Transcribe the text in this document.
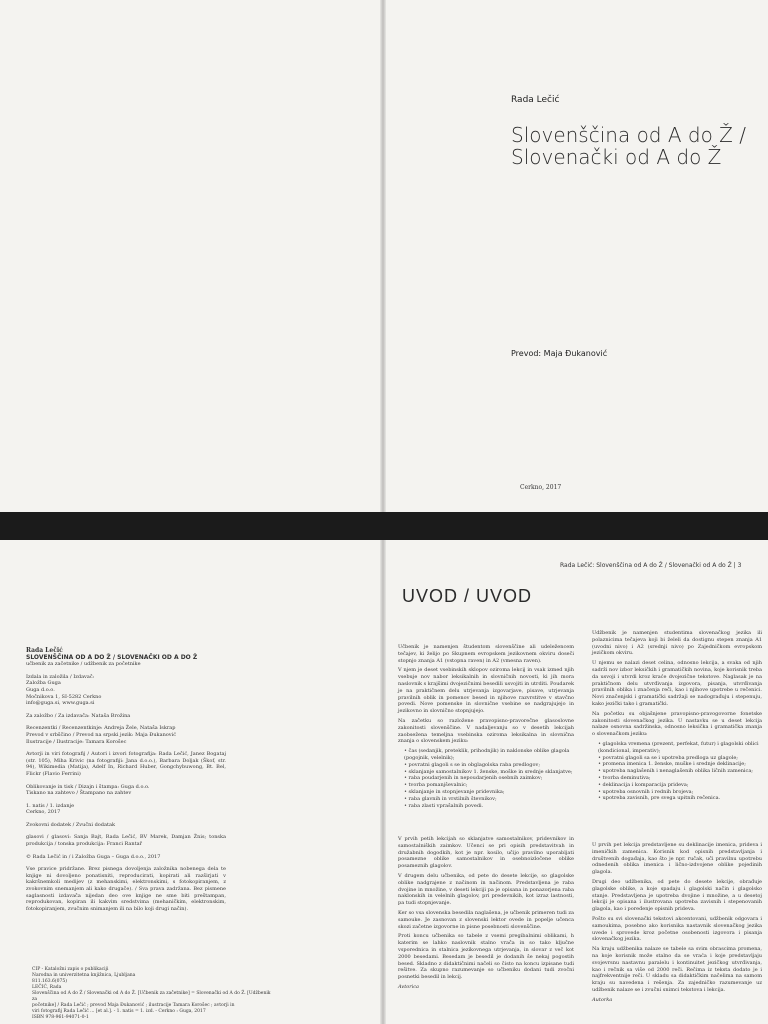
Rada Lečić
Slovenščina od A do Ž /
Slovenački od A do Ž
Prevod: Maja Đukanović
Cerkno, 2017
Rada Lečić
SLOVENŠČINA OD A DO Ž / SLOVENAČKI OD A DO Ž
učbenik za začetnike / udžbenik za početnike
Izdala in založila / Izdavač:
Založba Guga
Guga d.o.o.
Močnikova 1, SI-5282 Cerkno
info@guga.si, www.guga.si
Za založbo / Za izdavača: Nataša Brožina
Recenzentki / Recenzentkinje: Andreja Žele, Nataša Iskrap
Prevod v srbščino / Prevod na srpski jezik: Maja Đukanović
Ilustracije / Ilustracije: Tamara Korošec
Avtorji in viri fotografij / Autori i izvori fotografija: Rada Lečić, Janez Bogataj (str. 105), Miha Krivic (na fotografiji: Jana d.o.o.), Barbara Doljak (Škof, str. 94), Wikimedia (Matija), Adelf In, Richard Huber, Gongchybuwong, Bt. Bel, Flickr (Flavio Ferrini)
Oblikovanje in tisk / Dizajn i štampa: Guga d.o.o.
Tiskano na zahtevo / Štampano na zahtev
1. natis / 1. izdanje
Cerkno, 2017
Zvokovni dodatek / Zvučni dodatak
glasovi / glasovi: Sanja Bajt, Rada Lečić, BV Marek, Damjan Žnis; tonska produkcija / tonska produkcija: Franci Rantař
© Rada Lečić in / i Založba Guga – Guga d.o.o., 2017
Vse pravice pridržane. Brez pisnega dovoljenja založnika nobenega dela te knjige ni dovoljeno ponatisniti, reproducirati, kopirati ali razširjati v kakršnemkoli medijev (z mehanskimi, elektronskimi, s fotokopiranjem, z zvokovnim snemanjem ali kako drugače). / Sva prava zadržana. Bez pismene saglasnosti izdavača nijedan deo ove knjige ne sme biti preštampan, reprodukovan, kopiran ili kakvim sredstvima (mehaničkim, elektronskim, fotokopiranjem, zvučnim snimanjem ili na bilo koji drugi način).
CIP - Kataložni zapis o publikaciji
Narodna in univerzitetna knjižnica, Ljubljana
811.163.6(075)
LEČIĆ, Rada
Slovenščina od A do Ž / Slovenački od A do Ž. [Učbenik za začetnike] = Slovenački od A do Ž. [Udžbenik za
početnike] / Rada Lečić ; prevod Maja Đukanović ; ilustracije Tamara Korošec ; avtorji in
viri fotografij Rada Lečić ... [et al.]. - 1. natis = 1. izd. - Cerkno : Guga, 2017
ISBN 978-961-94071-0-1
Rada Lečić: Slovenščina od A do Ž / Slovenački od A do Ž | 3
UVOD / UVOD

Učbenik je namenjen študentom slovenščine ali udeležencem tečajev, ki želijo po Skupnem evropskem jezikovnem okviru doseči stopnjo znanja A1 (vstopna raven) in A2 (vmesna raven).

V njem je deset vsebinskih sklopov oziroma lekcij in vsak izmed njih vsebuje nov nabor leksikalnih in slovničnih novosti, ki jih mora naslovnik s krajšimi dvojezičnimi besedili usvojiti in utrditi. Poudarek je na praktičnem delu utrjevanja izgovarjave, pisave, utrjevanja pravilnih oblik in pomenov besed in njihove razvrstitve v stavčno povedi. Nove pomenske in slovnične vsebine se nadgrajujejo in jezikovno in slovnično stopnjujejo.

Na začetku so razložene pravopisno-pravorečne glasoslovne zakonitosti slovenščine. V nadaljevanju so v desetih lekcijah zaobsežena temeljna vsebinska oziroma leksikalna in slovnična znanja o slovenskem jeziku:

• čas (sedanjik, preteklik, prihodnjik) in naklonske oblike glagola (pogojnik, velelnik);
• povratni glagoli s se in obglagolska raba predlogov;
• sklanjanje samostalnikov 1. ženske, moške in srednje sklanjatve;
• raba poudarjenih in nepoudarjenih osebnih zaimkov;
• tvorba pomanjševalnic;
• sklanjanje in stopnjevanje pridevnika;
• raba glavnih in vrstilnih števnikov;
• raba zlasti vprašalnih povedi.

V prvih petih lekcijah so sklanjatve samostalnikov, pridevnikov in samostalniških zaimkov. Učenci se pri opisih predstavitvah in družabnih dogodkih, kot je npr. kosilo, učijo pravilno uporabljati posamezne oblike samostalnikov in osebnoizločene oblike posameznih glagolov.

V drugem delu učbenika, od pete do desete lekcije, so glagolske oblike nadgrajene z načinom in načinom. Predstavljena je raba dvojine in množine, v deseti lekciji pa je opisana in ponazorjena raba naklonskih in velelnih glagolov, pri predevnikih, kot izraz lastnosti, pa tudi stopnjevanje.

Ker so vsa slovenska besedila naglašena, je učbenik primeren tudi za samouke. Je zasnovan z slovenski lektor ovede in popelje učenca skozi začetne izgovorne in pisne posebnosti slovenščine.

Proti koncu učbenika so tabele z vsemi pregibalnimi oblikami, h katerim se lahko naslovnik stalno vrača in so tako ključne vsporednica in stalnica jezikovnega utrjevanja, in slovar z več kot 2000 besedami. Besedam je besedil je dodanih še nekaj pogostih besed. Skladno z didaktičnimi načeli so čisto na koncu izpisane tudi rešitve. Za skupno razumevanje so učbeniku dodani tudi zvočni posnetki besedil in lekcij.

Avtorica

Udžbenik je namenjen studentima slovenačkog jezika ili polaznicima tečajeva koji bi želeli da dostignu stepen znanja A1 (uvodni nivo) i A2 (srednji nivo) po Zajedničkom evropskom jezičkom okviru.

U njemu se nalazi deset celina, odnosno lekcija, a svaka od njih sadrži nov izbor leksičkih i gramatičkih novina, koje korisnik treba da usvoji i utvrdi kroz kraće dvojezične tekstove. Naglasak je na praktičnom delu utvrđivanja izgovora, pisanja, utvrđivanja pravilnih oblika i značenja reči, kao i njihove upotrebe u rečenici. Novi značenjski i gramatički sadržaji se nadograđuju i stepenuju, kako jezički tako i gramatički.

Na početku su objašnjene pravopisno-pravogovorne fonetske zakonitosti slovenačkog jezika. U nastavku se u deset lekcija nalaze osnovna sadržinska, odnosno leksička i gramatička znanja o slovenačkom jeziku:

• glagolska vremena (prezent, perfekat, futur) i glagolski oblici (kondicional, imperativ);
• povratni glagoli sa se i upotreba predloga uz glagole;
• promena imenica 1. ženske, muške i srednje deklinacije;
• upotreba naglašenih i nenaglašenih oblika ličnih zamenica;
• tvorba deminutiva;
• deklinacija i komparacija prideva;
• upotreba osnovnih i rednih brojeva;
• upotreba zavisnih, pre svega upitnih rečenica.

U prvih pet lekcija predstavljene su deklinacije imenica, prideva i imeničkih zamenica. Korisnik kod opisnih predstavljanja i društvenih događaja, kao što je npr. ručak, uči pravilnu upotrebu odnedenih oblika imenica i lično-izdvojene oblike pojedinih glagola.

Drugi deo udžbenika, od pete do desete lekcije, obrađuje glagolske oblike, a koje spadaju i glagolski način i glagolsko stanje. Predstavljena je upotreba dvojine i množine, a u desetoj lekciji je opisana i ilustrovana upotreba zavisnih i stepenovanih glagola, kao i poređenje opisnih prideva.

Pošto su svi slovenački tekstovi akcentovani, udžbenik odgovara i samoukima, posebno ako korisnika nastavnik slovenačkog jezika uvede i sprovede kroz početne osobenosti izgovora i pisanja slovenačkog jezika.

Na kraju udžbenika nalaze se tabele sa svim obrascima promena, na koje korisnik može stalno da se vraća i koje predstavljaju svojevrsnu nastavnu paralelu i kontinuitet jezičkog utvrđivanja, kao i rečnik sa više od 2000 reči. Rečima iz teksta dodato ​​je i najfrekventnije reči. U skladu sa didaktičkim načelima na samom kraju su navedena i rešenja. Za zajedničko razumevanje uz udžbenik nalaze se i zvučni snimci tekstova i lekcija.

Autorka
